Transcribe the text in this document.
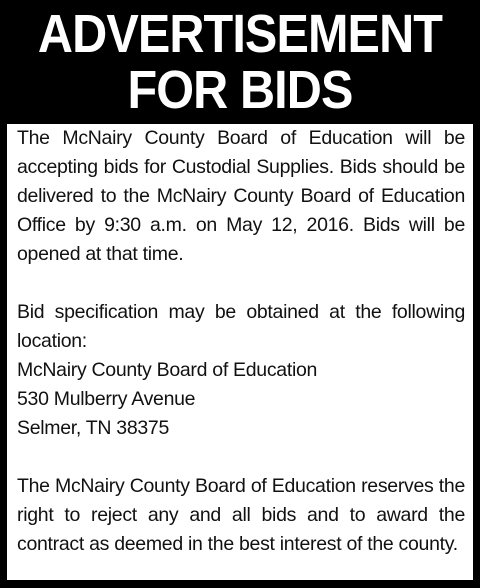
ADVERTISEMENT
FOR BIDS

The McNairy County Board of Education will be accepting bids for Custodial Supplies. Bids should be delivered to the McNairy County Board of Education Office by 9:30 a.m. on May 12, 2016. Bids will be opened at that time.

Bid specification may be obtained at the following location:

McNairy County Board of Education

530 Mulberry Avenue

Selmer, TN 38375

The McNairy County Board of Education reserves the right to reject any and all bids and to award the contract as deemed in the best interest of the county.
